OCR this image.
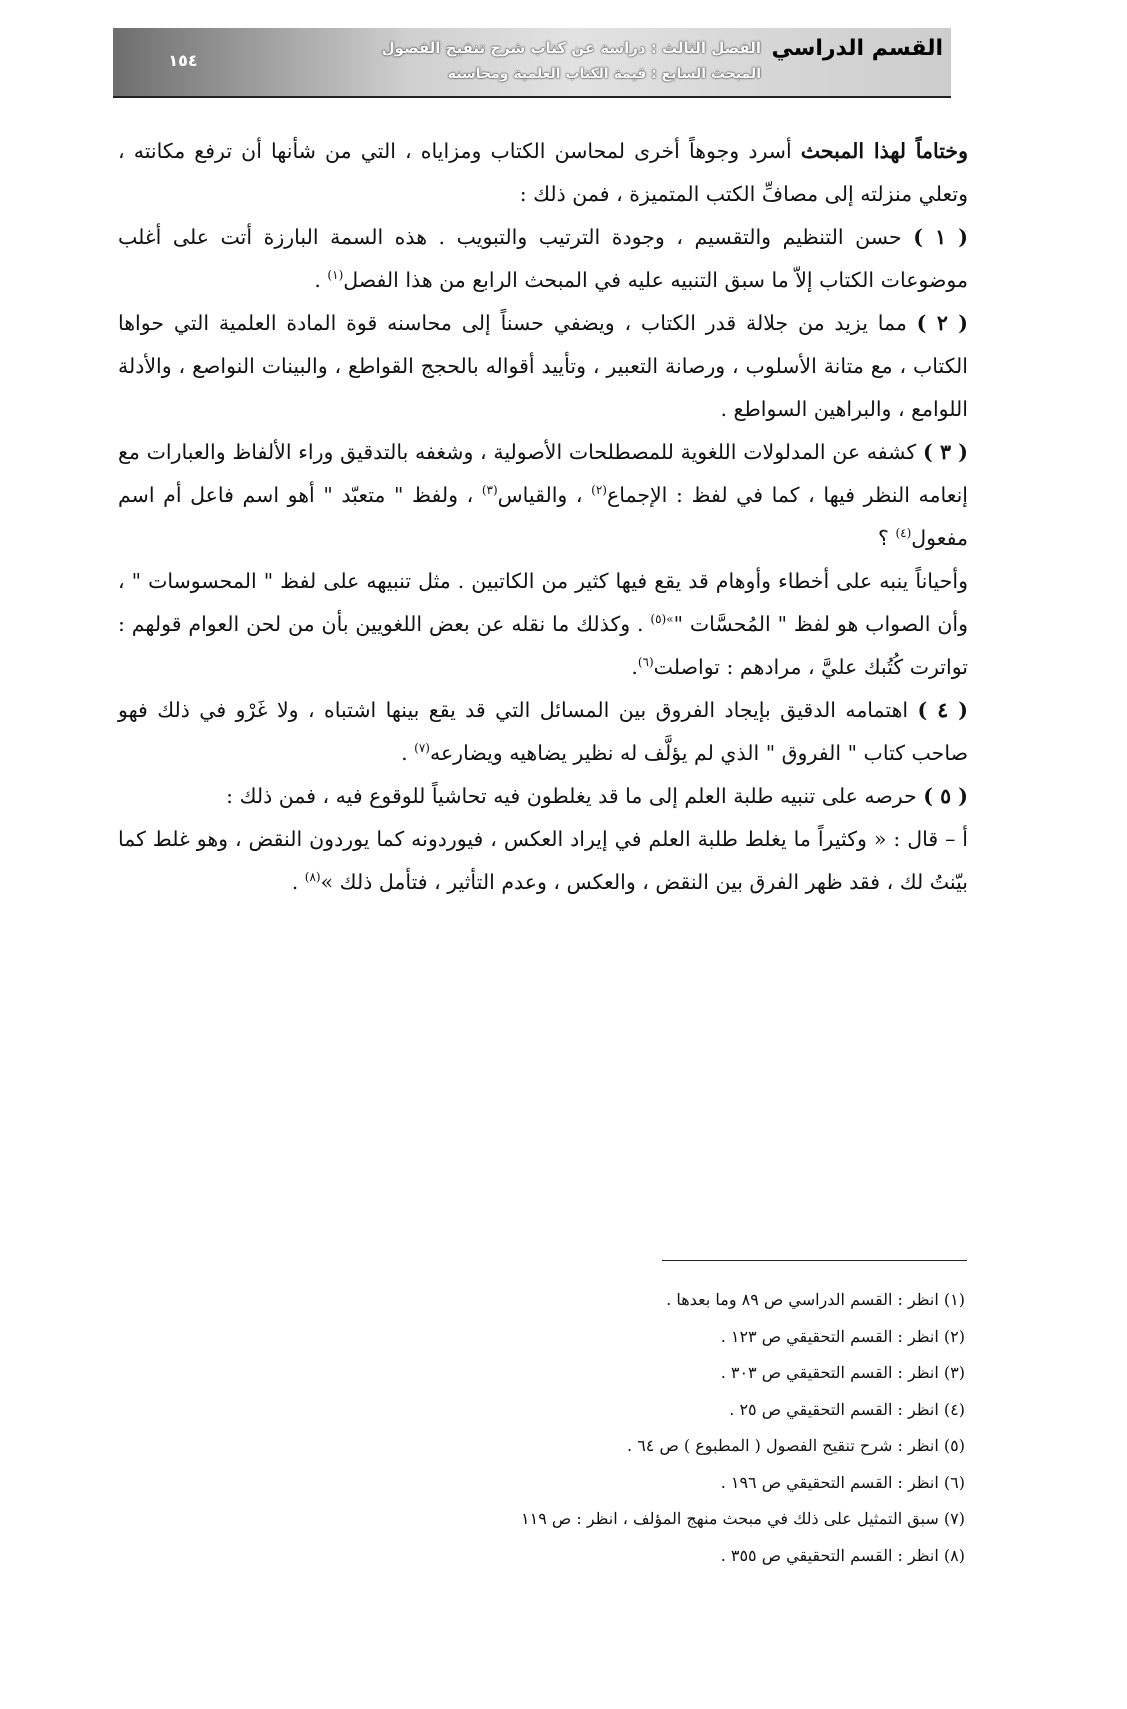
١٥٤	القسم الدراسي
الفصل الثالث : دراسة عن كتاب شرح تنقيح الفصول
المبحث السابع : قيمة الكتاب العلمية ومحاسنه

وختاماً لهذا المبحث أسرد وجوهاً أخرى لمحاسن الكتاب ومزاياه ، التي من شأنها أن ترفع مكانته ، وتعلي منزلته إلى مصافِّ الكتب المتميزة ، فمن ذلك :

( ١ ) حسن التنظيم والتقسيم ، وجودة الترتيب والتبويب . هذه السمة البارزة أتت على أغلب موضوعات الكتاب إلاّ ما سبق التنبيه عليه في المبحث الرابع من هذا الفصل$^{(١)}$ .

( ٢ ) مما يزيد من جلالة قدر الكتاب ، ويضفي حسناً إلى محاسنه قوة المادة العلمية التي حواها الكتاب ، مع متانة الأسلوب ، ورصانة التعبير ، وتأييد أقواله بالحجج القواطع ، والبينات النواصع ، والأدلة اللوامع ، والبراهين السواطع .

( ٣ ) كشفه عن المدلولات اللغوية للمصطلحات الأصولية ، وشغفه بالتدقيق وراء الألفاظ والعبارات مع إنعامه النظر فيها ، كما في لفظ : الإجماع$^{(٢)}$ ، والقياس$^{(٣)}$ ، ولفظ " متعبّد " أهو اسم فاعل أم اسم مفعول$^{(٤)}$ ؟

وأحياناً ينبه على أخطاء وأوهام قد يقع فيها كثير من الكاتبين . مثل تنبيهه على لفظ " المحسوسات " ، وأن الصواب هو لفظ " المُحسَّات "$^{»(٥)}$ . وكذلك ما نقله عن بعض اللغويين بأن من لحن العوام قولهم : تواترت كُتُبك عليَّ ، مرادهم : تواصلت$^{(٦)}$.

( ٤ ) اهتمامه الدقيق بإيجاد الفروق بين المسائل التي قد يقع بينها اشتباه ، ولا غَرْو في ذلك فهو صاحب كتاب " الفروق " الذي لم يؤلَّف له نظير يضاهيه ويضارعه$^{(٧)}$ .

( ٥ ) حرصه على تنبيه طلبة العلم إلى ما قد يغلطون فيه تحاشياً للوقوع فيه ، فمن ذلك :

أ – قال : « وكثيراً ما يغلط طلبة العلم في إيراد العكس ، فيوردونه كما يوردون النقض ، وهو غلط كما بيّنتُ لك ، فقد ظهر الفرق بين النقض ، والعكس ، وعدم التأثير ، فتأمل ذلك »$^{(٨)}$ .

(١) انظر : القسم الدراسي ص ٨٩ وما بعدها .
(٢) انظر : القسم التحقيقي ص ١٢٣ .
(٣) انظر : القسم التحقيقي ص ٣٠٣ .
(٤) انظر : القسم التحقيقي ص ٢٥ .
(٥) انظر : شرح تنقيح الفصول ( المطبوع ) ص ٦٤ .
(٦) انظر : القسم التحقيقي ص ١٩٦ .
(٧) سبق التمثيل على ذلك في مبحث منهج المؤلف ، انظر : ص ١١٩
(٨) انظر : القسم التحقيقي ص ٣٥٥ .
